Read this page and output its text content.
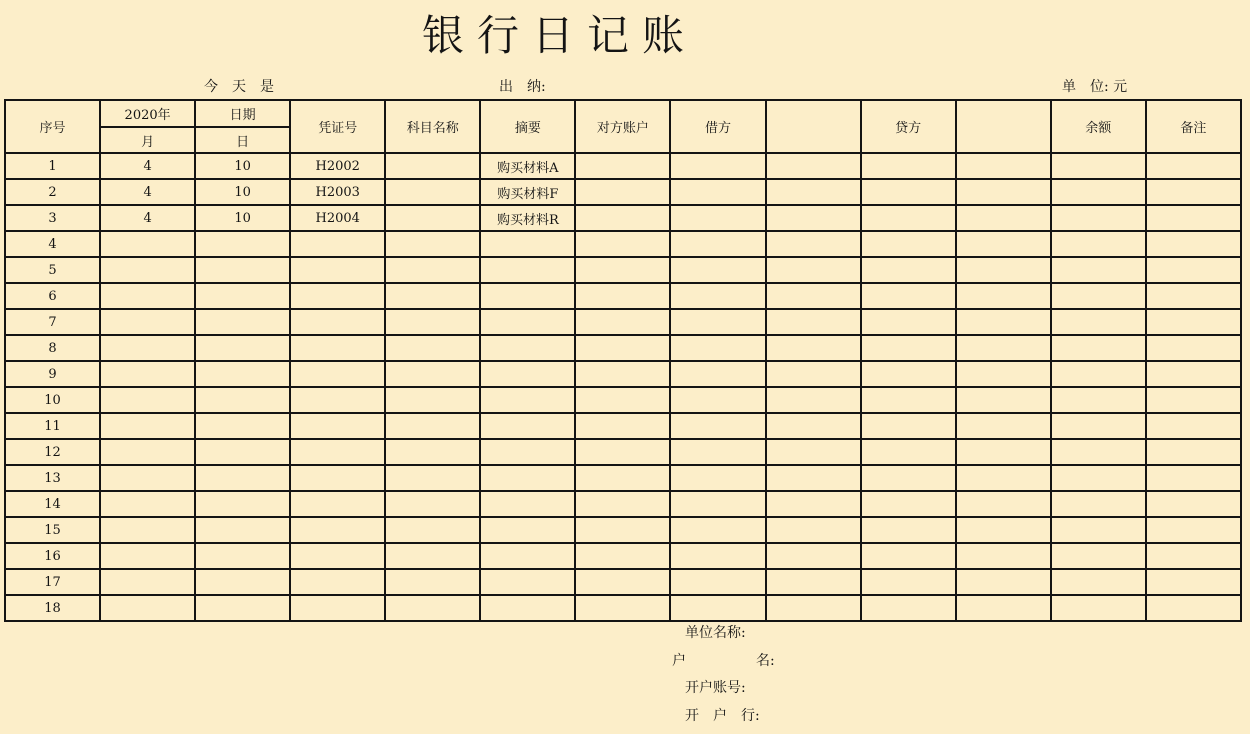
银行日记账
今　天　是	出　纳:	单　位: 元
序号	2020年	日期	凭证号	科目名称	摘要	对方账户	借方		贷方		余额	备注
	月	日										
1	4	10	H2002		购买材料A							
2	4	10	H2003		购买材料F							
3	4	10	H2004		购买材料R							
4												
5												
6												
7												
8												
9												
10												
11												
12												
13												
14												
15												
16												
17												
18												
单位名称:
户　　　　　名:
开户账号:
开　户　行:
